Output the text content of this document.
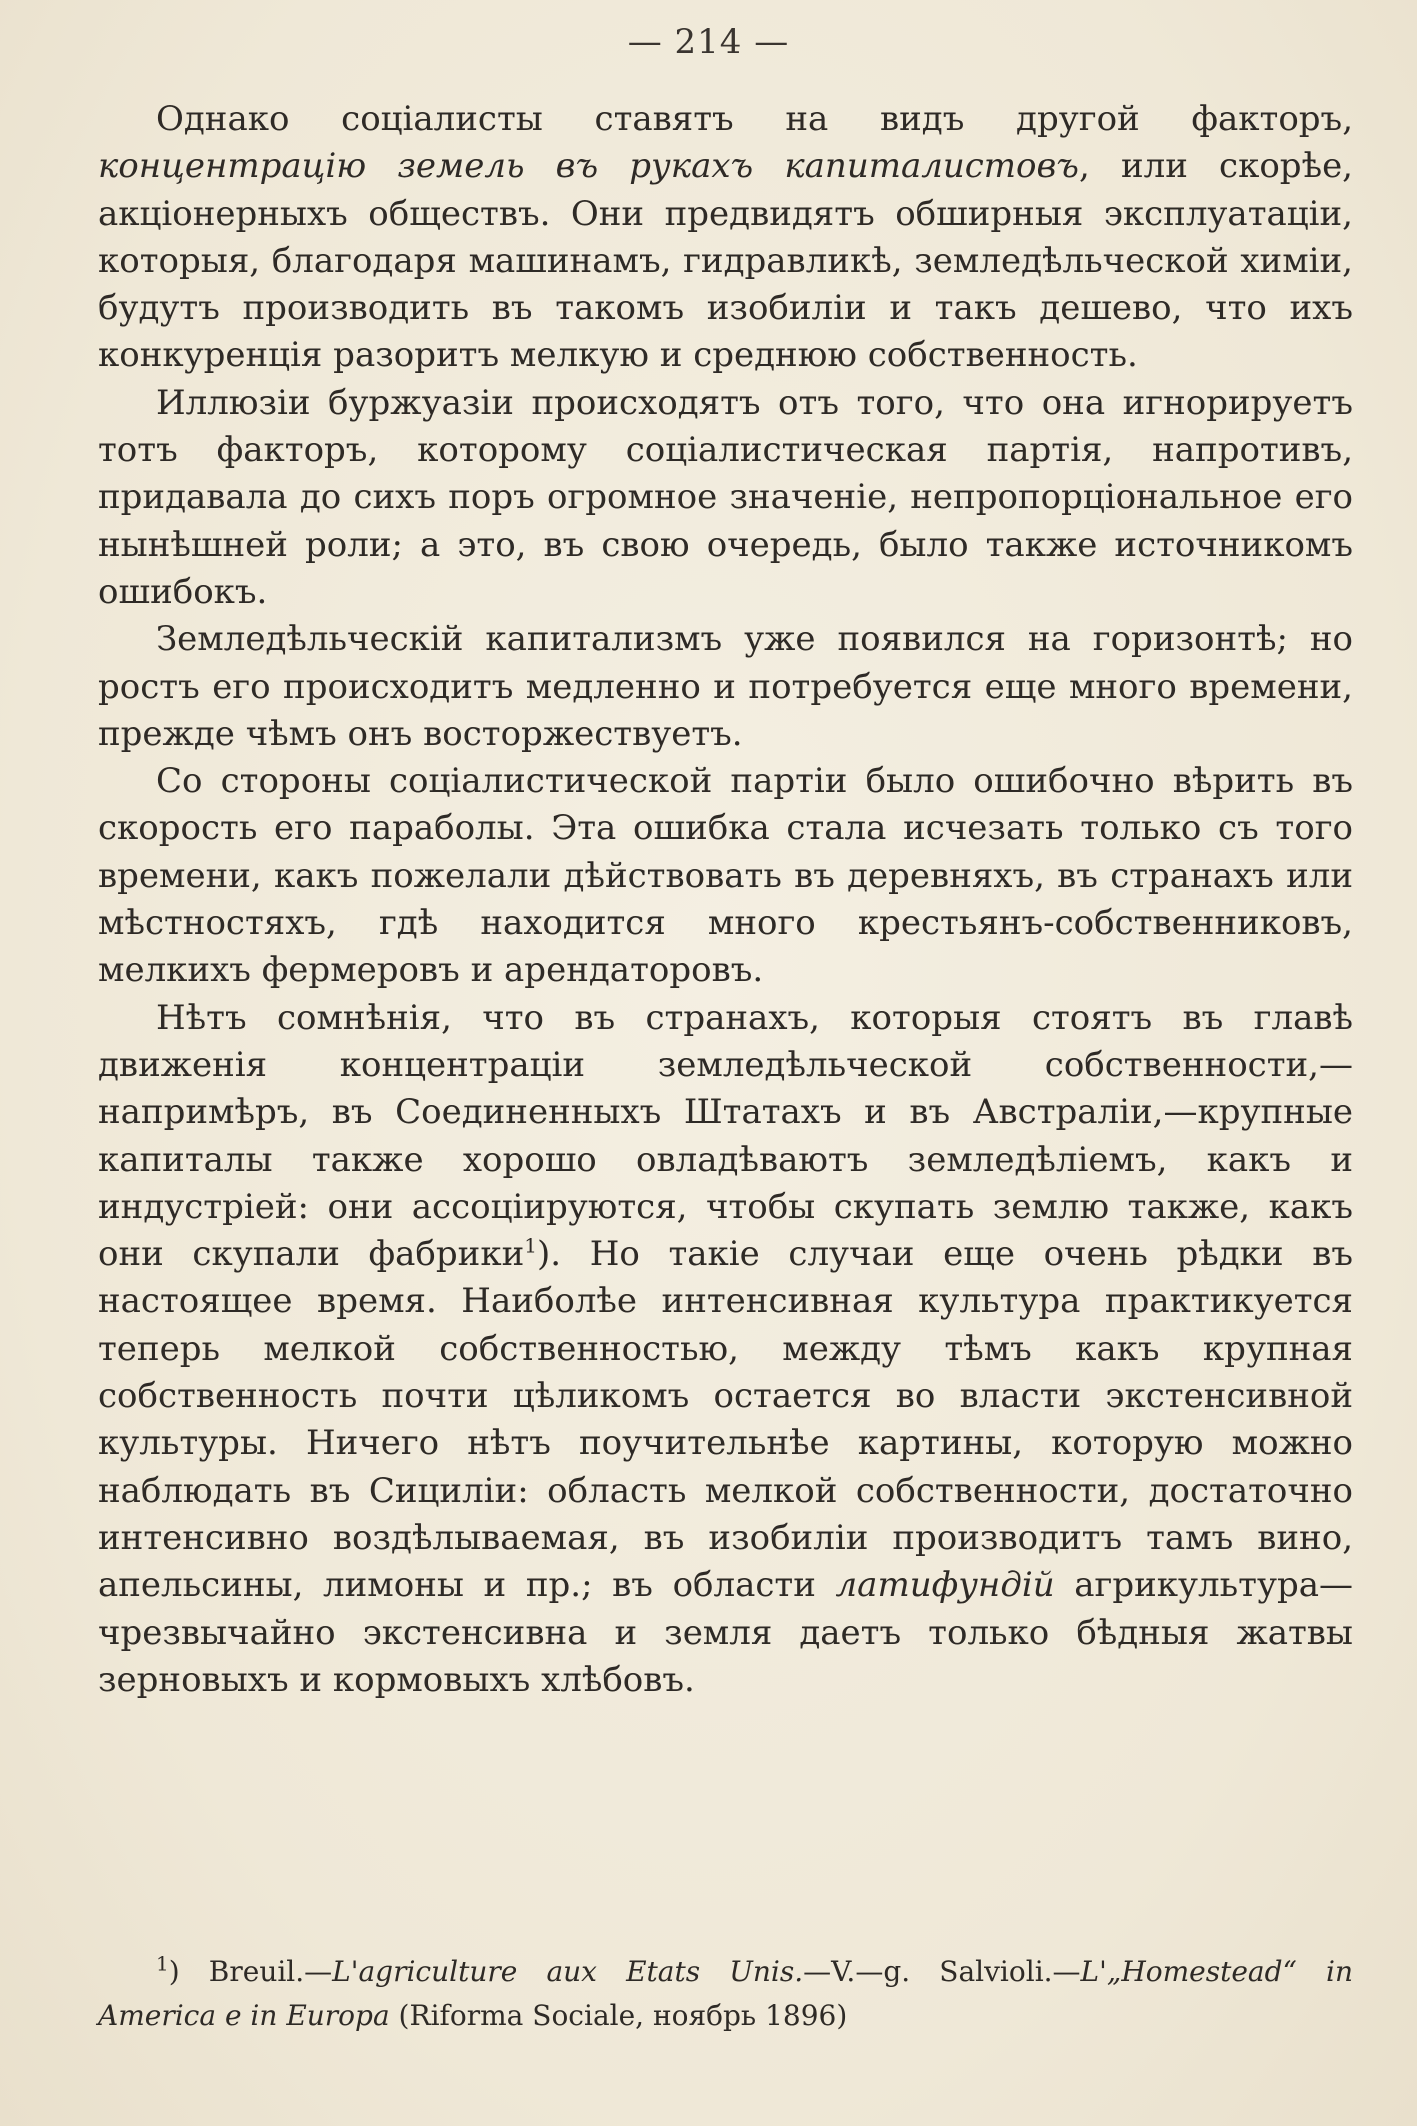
— 214 —

Однако соціалисты ставятъ на видъ другой факторъ, концентрацію земель въ рукахъ капиталистовъ, или скорѣе, акціонерныхъ обществъ. Они предвидятъ обширныя эксплуатаціи, которыя, благодаря машинамъ, гидравликѣ, земледѣльческой химіи, будутъ производить въ такомъ изобиліи и такъ дешево, что ихъ конкуренція разоритъ мелкую и среднюю собственность.

Иллюзіи буржуазіи происходятъ отъ того, что она игнорируетъ тотъ факторъ, которому соціалистическая партія, напротивъ, придавала до сихъ поръ огромное значеніе, непропорціональное его нынѣшней роли; а это, въ свою очередь, было также источникомъ ошибокъ.

Земледѣльческій капитализмъ уже появился на горизонтѣ; но ростъ его происходитъ медленно и потребуется еще много времени, прежде чѣмъ онъ восторжествуетъ.

Со стороны соціалистической партіи было ошибочно вѣрить въ скорость его параболы. Эта ошибка стала исчезать только съ того времени, какъ пожелали дѣйствовать въ деревняхъ, въ странахъ или мѣстностяхъ, гдѣ находится много крестьянъ-собственниковъ, мелкихъ фермеровъ и арендаторовъ.

Нѣтъ сомнѣнія, что въ странахъ, которыя стоятъ въ главѣ движенія концентраціи земледѣльческой собственности,—напримѣръ, въ Соединенныхъ Штатахъ и въ Австраліи,—крупные капиталы также хорошо овладѣваютъ земледѣліемъ, какъ и индустріей: они ассоціируются, чтобы скупать землю также, какъ они скупали фабрики$^1$). Но такіе случаи еще очень рѣдки въ настоящее время. Наиболѣе интенсивная культура практикуется теперь мелкой собственностью, между тѣмъ какъ крупная собственность почти цѣликомъ остается во власти экстенсивной культуры. Ничего нѣтъ поучительнѣе картины, которую можно наблюдать въ Сициліи: область мелкой собственности, достаточно интенсивно воздѣлываемая, въ изобиліи производитъ тамъ вино, апельсины, лимоны и пр.; въ области латифундій агрикультура—чрезвычайно экстенсивна и земля даетъ только бѣдныя жатвы зерновыхъ и кормовыхъ хлѣбовъ.

$^1$) Breuil.—L'agriculture aux Etats Unis.—V.—g. Salvioli.—L'„Homestead“ in America e in Europa (Riforma Sociale, ноябрь 1896)
